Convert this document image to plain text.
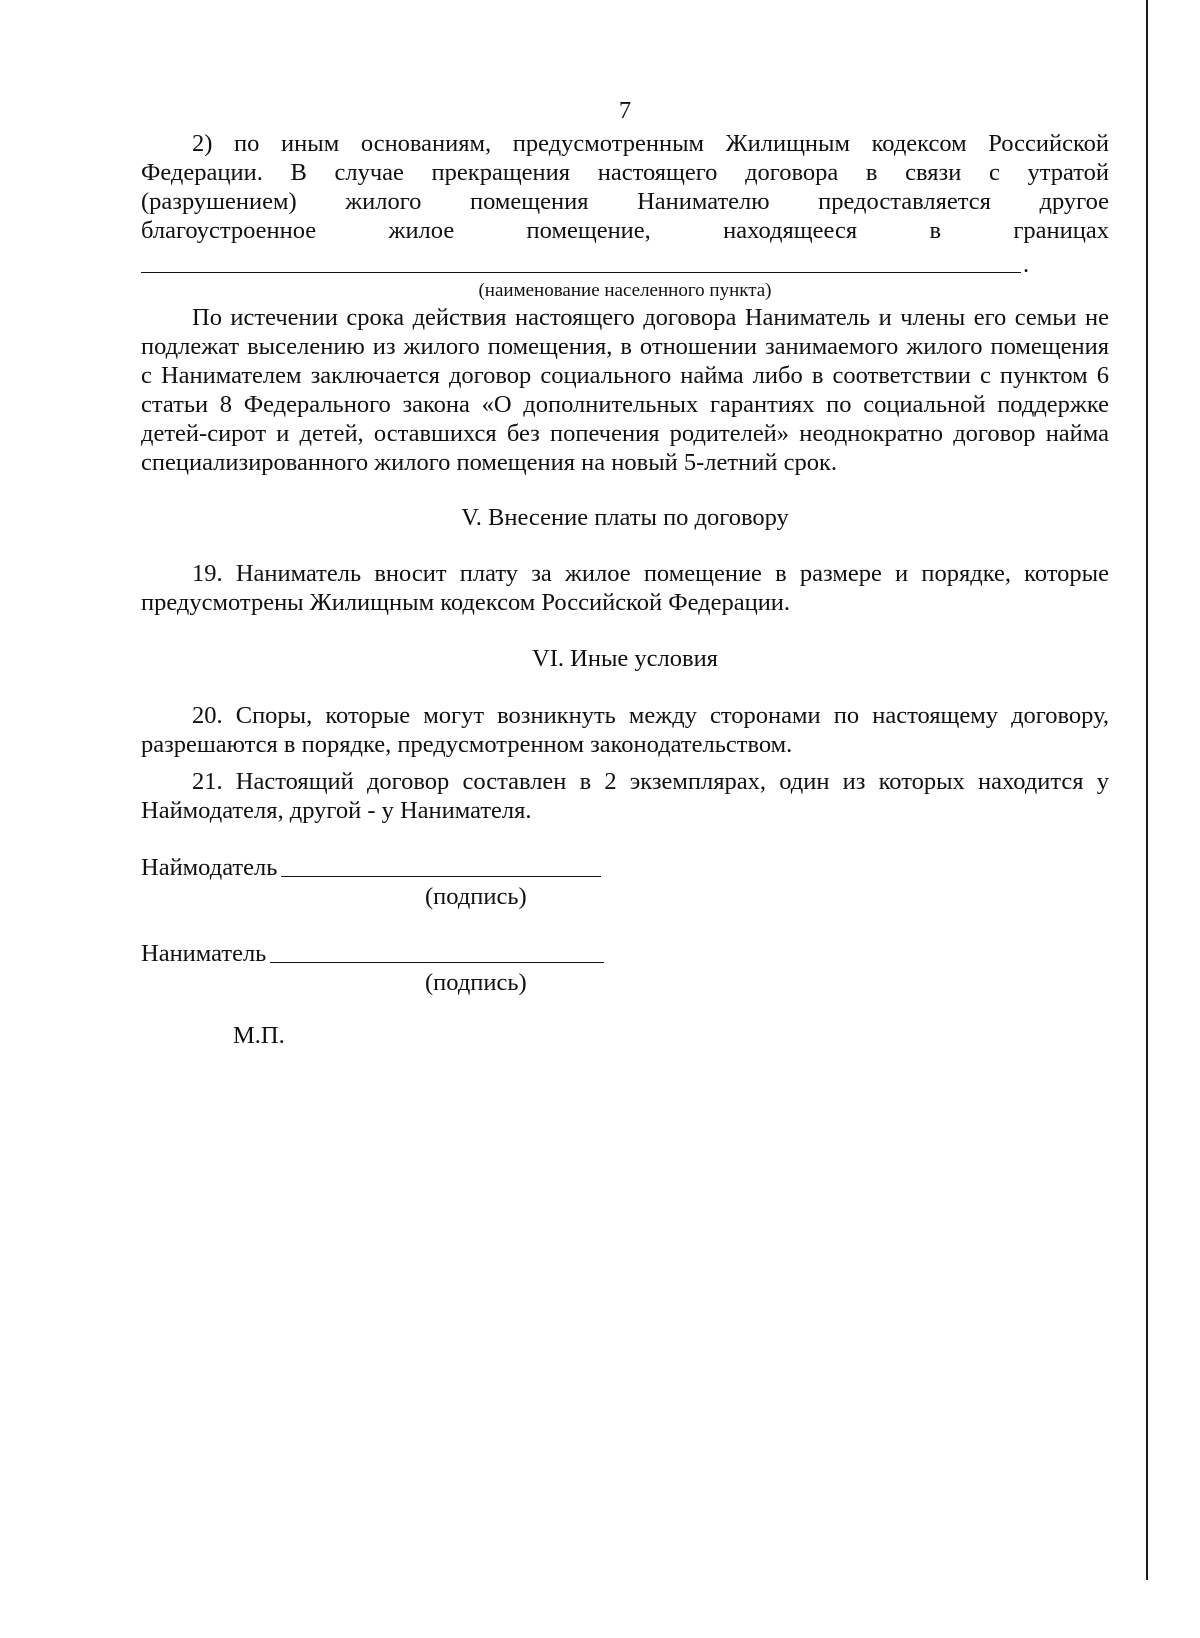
7

2) по иным основаниям, предусмотренным Жилищным кодексом Российской

Федерации. В случае прекращения настоящего договора в связи с утратой

(разрушением) жилого помещения Нанимателю предоставляется другое

благоустроенное жилое помещение, находящееся в границах

.

(наименование населенного пункта)

По истечении срока действия настоящего договора Наниматель и члены его семьи не подлежат выселению из жилого помещения, в отношении занимаемого жилого помещения с Нанимателем заключается договор социального найма либо в соответствии с пунктом 6 статьи 8 Федерального закона «О дополнительных гарантиях по социальной поддержке детей-сирот и детей, оставшихся без попечения родителей» неоднократно договор найма специализированного жилого помещения на новый 5-летний срок.

V. Внесение платы по договору

19. Наниматель вносит плату за жилое помещение в размере и порядке, которые предусмотрены Жилищным кодексом Российской Федерации.

VI. Иные условия

20. Споры, которые могут возникнуть между сторонами по настоящему договору, разрешаются в порядке, предусмотренном законодательством.

21. Настоящий договор составлен в 2 экземплярах, один из которых находится у Наймодателя, другой - у Нанимателя.

Наймодатель

(подпись)

Наниматель

(подпись)

М.П.
